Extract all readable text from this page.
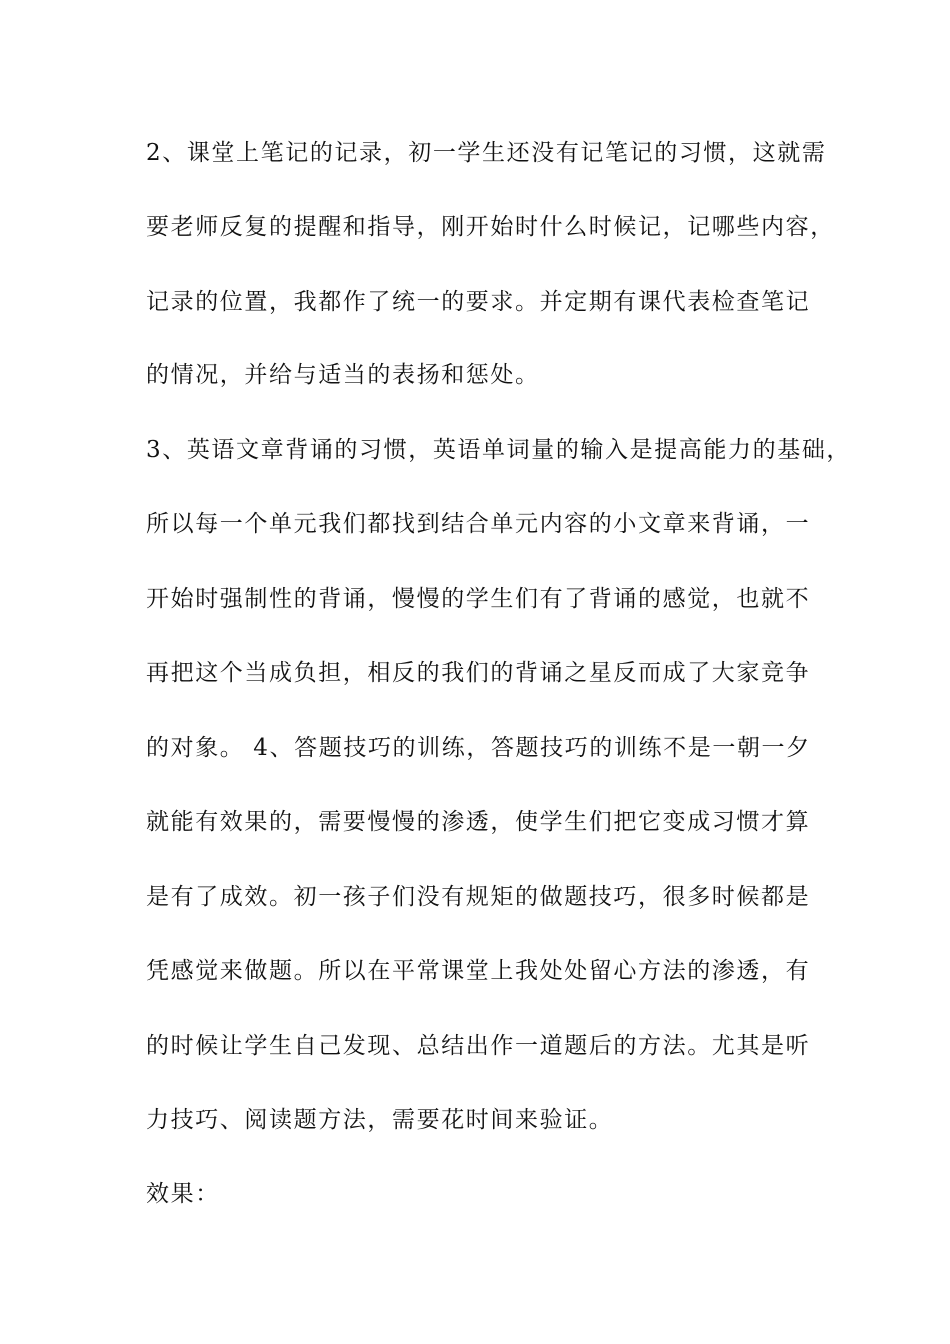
2、课堂上笔记的记录，初一学生还没有记笔记的习惯，这就需
要老师反复的提醒和指导，刚开始时什么时候记，记哪些内容，
记录的位置，我都作了统一的要求。并定期有课代表检查笔记
的情况，并给与适当的表扬和惩处。
3、英语文章背诵的习惯，英语单词量的输入是提高能力的基础，
所以每一个单元我们都找到结合单元内容的小文章来背诵，一
开始时强制性的背诵，慢慢的学生们有了背诵的感觉，也就不
再把这个当成负担，相反的我们的背诵之星反而成了大家竞争
的对象。 4、答题技巧的训练，答题技巧的训练不是一朝一夕
就能有效果的，需要慢慢的渗透，使学生们把它变成习惯才算
是有了成效。初一孩子们没有规矩的做题技巧，很多时候都是
凭感觉来做题。所以在平常课堂上我处处留心方法的渗透，有
的时候让学生自己发现、总结出作一道题后的方法。尤其是听
力技巧、阅读题方法，需要花时间来验证。
效果：
